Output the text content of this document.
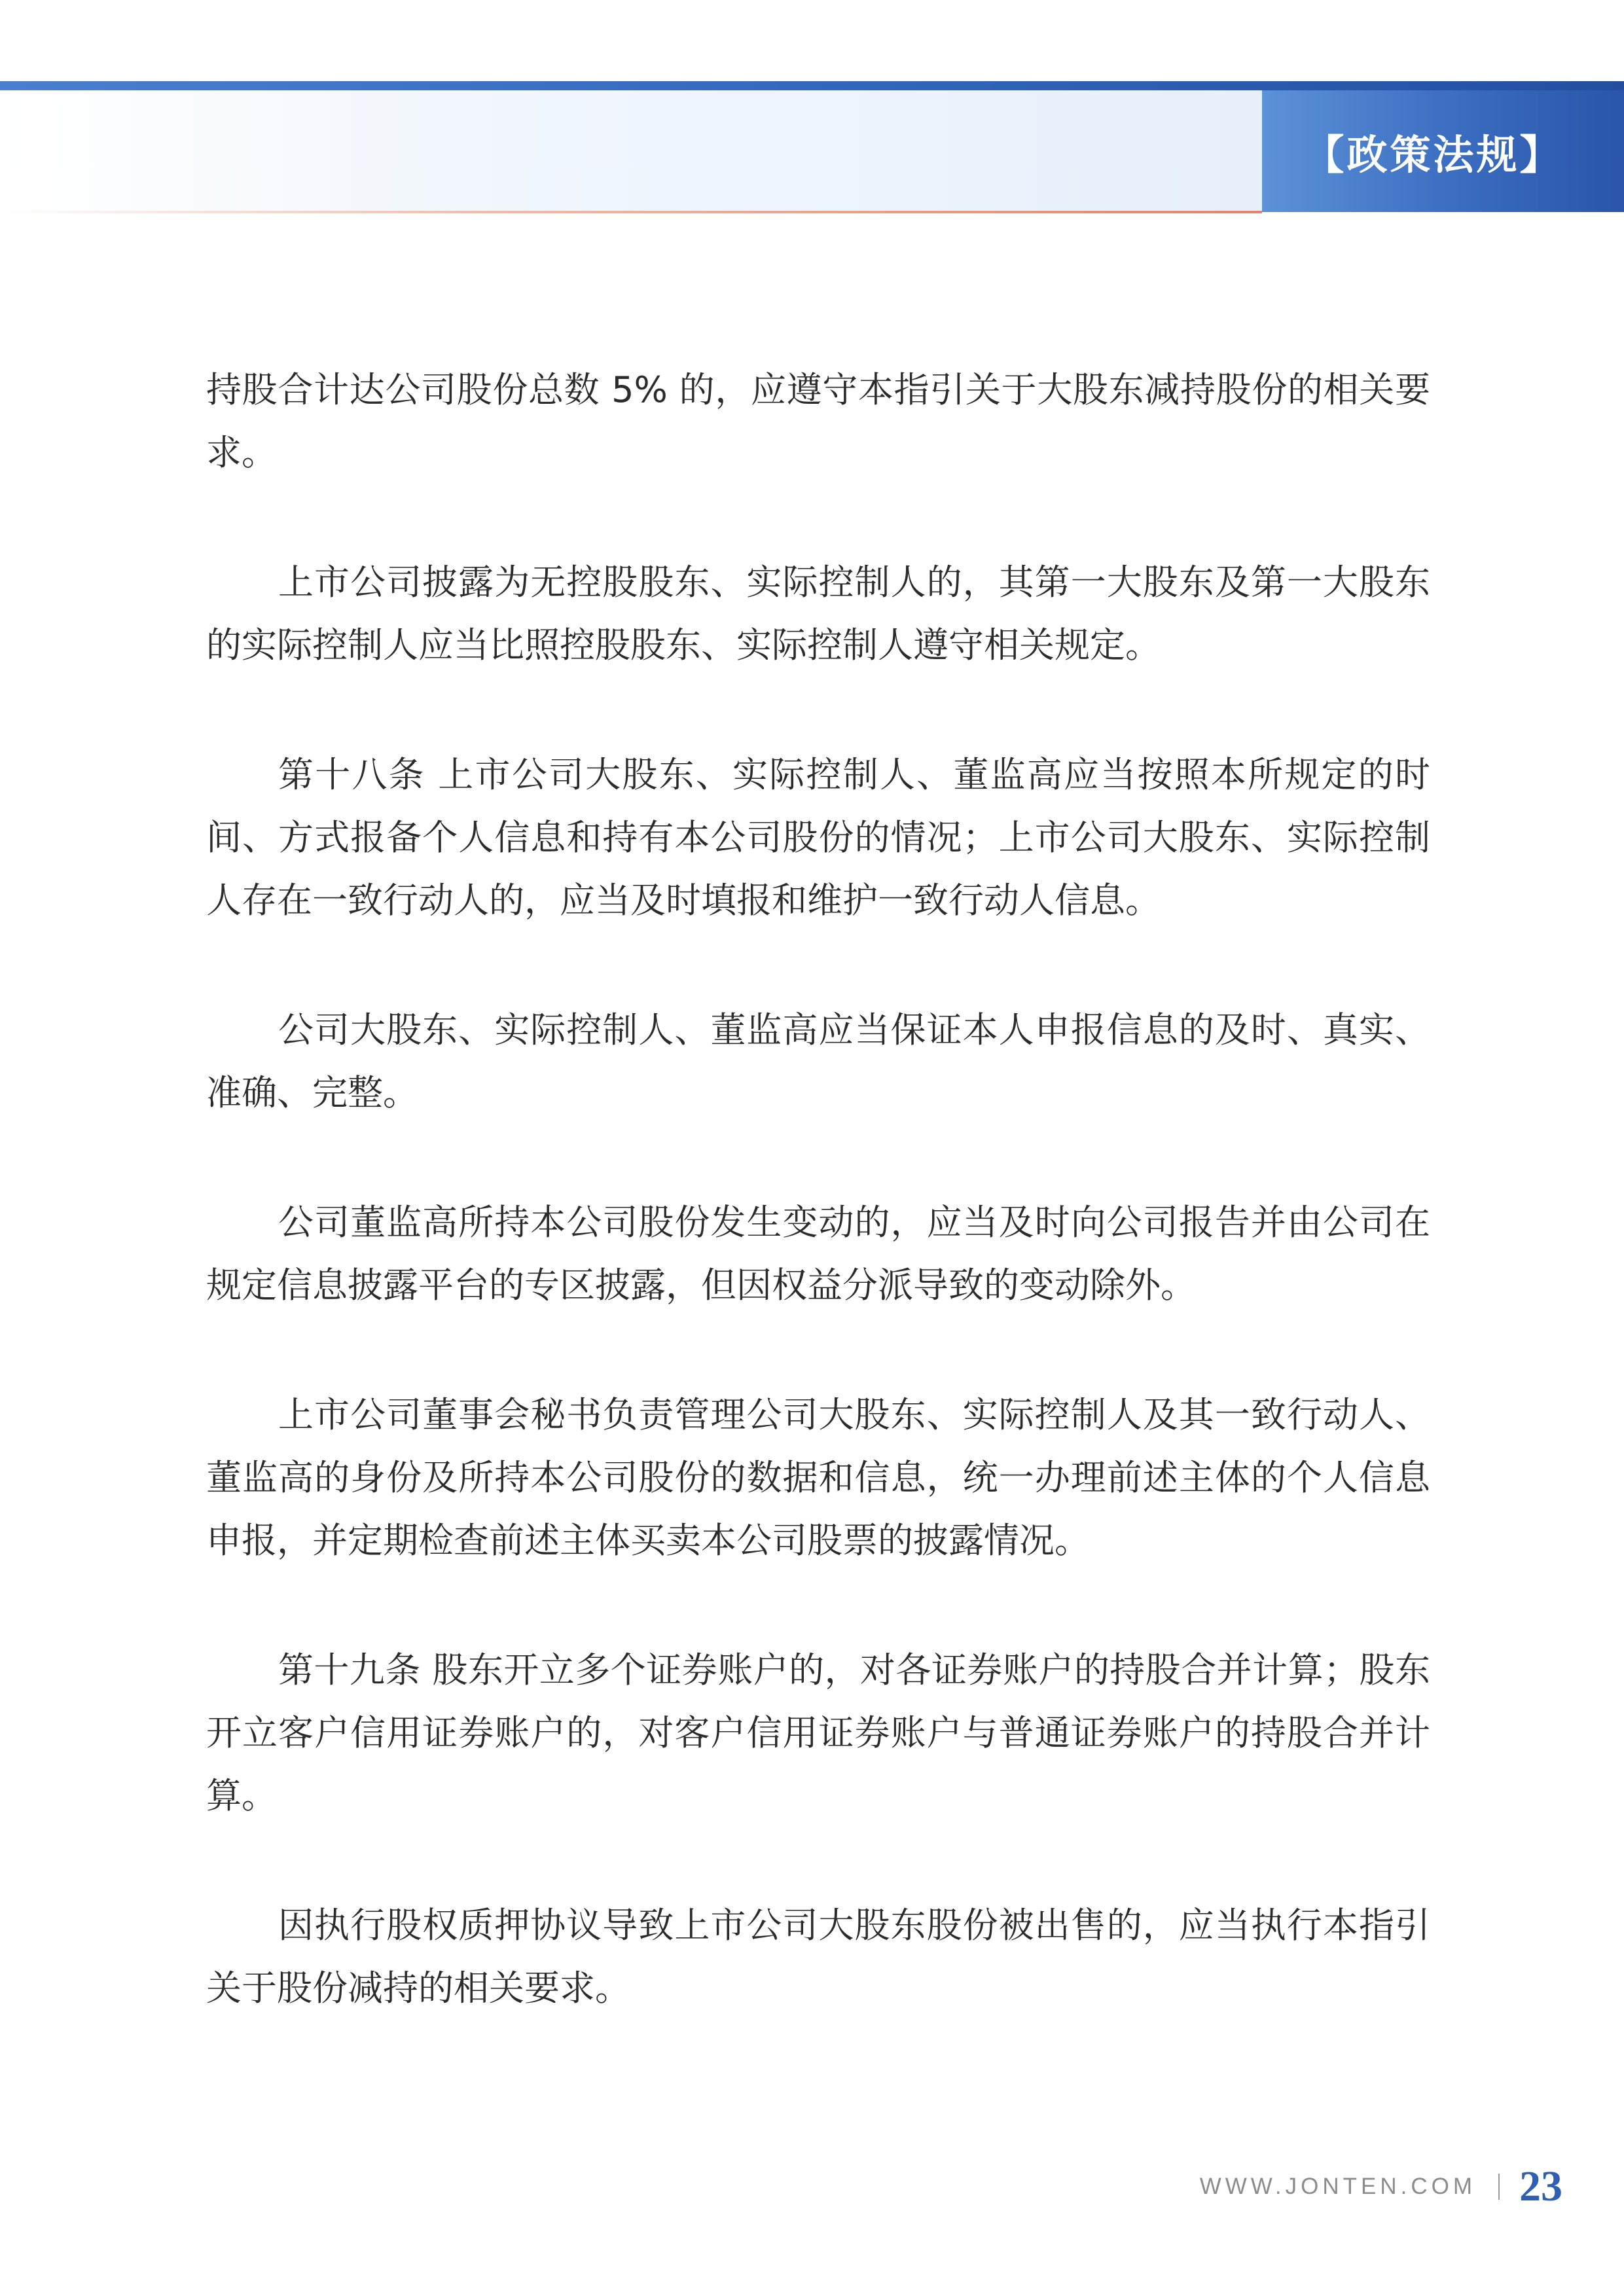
【政策法规】

持股合计达公司股份总数 5% 的，应遵守本指引关于大股东减持股份的相关要求。

上市公司披露为无控股股东、实际控制人的，其第一大股东及第一大股东的实际控制人应当比照控股股东、实际控制人遵守相关规定。

第十八条 上市公司大股东、实际控制人、董监高应当按照本所规定的时间、方式报备个人信息和持有本公司股份的情况；上市公司大股东、实际控制人存在一致行动人的，应当及时填报和维护一致行动人信息。

公司大股东、实际控制人、董监高应当保证本人申报信息的及时、真实、准确、完整。

公司董监高所持本公司股份发生变动的，应当及时向公司报告并由公司在规定信息披露平台的专区披露，但因权益分派导致的变动除外。

上市公司董事会秘书负责管理公司大股东、实际控制人及其一致行动人、董监高的身份及所持本公司股份的数据和信息，统一办理前述主体的个人信息申报，并定期检查前述主体买卖本公司股票的披露情况。

第十九条 股东开立多个证券账户的，对各证券账户的持股合并计算；股东开立客户信用证券账户的，对客户信用证券账户与普通证券账户的持股合并计算。

因执行股权质押协议导致上市公司大股东股份被出售的，应当执行本指引关于股份减持的相关要求。

WWW.JONTEN.COM 23
